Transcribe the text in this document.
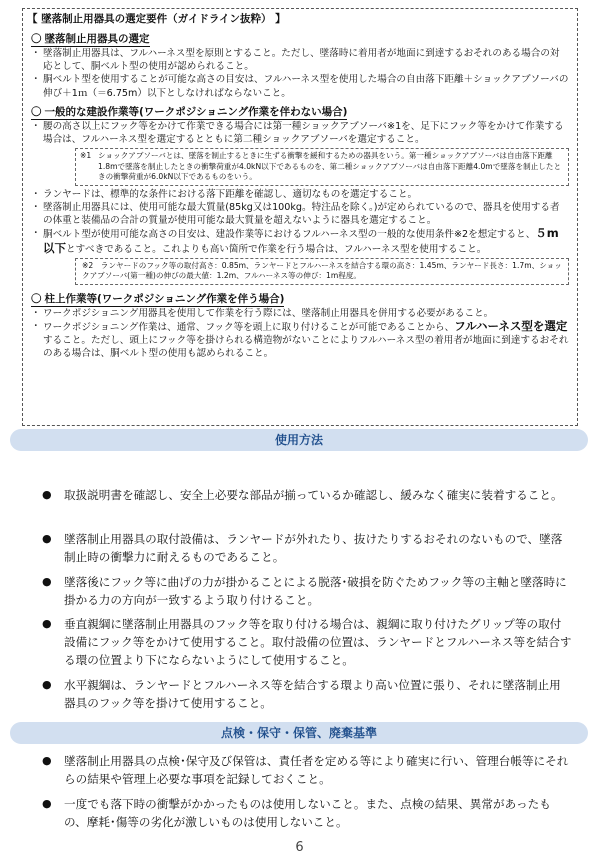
【 墜落制止用器具の選定要件（ガイドライン抜粋） 】
〇 墜落制止用器具の選定
・ 墜落制止用器具は、フルハーネス型を原則とすること。ただし、墜落時に着用者が地面に到達するおそれのある場合の対応として、胴ベルト型の使用が認められること。
・ 胴ベルト型を使用することが可能な高さの目安は、フルハーネス型を使用した場合の自由落下距離＋ショックアブソーバの伸び＋1ｍ（＝6.75m）以下としなければならないこと。
〇 一般的な建設作業等(ワークポジショニング作業を伴わない場合)
・ 腰の高さ以上にフック等をかけて作業できる場合には第一種ショックアブソーバ※1を、足下にフック等をかけて作業する場合は、フルハーネス型を選定するとともに第二種ショックアブソーバを選定すること。
※1 ショックアブソーバとは、墜落を制止するときに生ずる衝撃を緩和するための器具をいう。第一種ショックアブソーバは自由落下距離1.8mで墜落を制止したときの衝撃荷重が4.0kN以下であるものを、第二種ショックアブソーバは自由落下距離4.0mで墜落を制止したときの衝撃荷重が6.0kN以下であるものをいう。
・ ランヤードは、標準的な条件における落下距離を確認し、適切なものを選定すること。
・ 墜落制止用器具には、使用可能な最大質量(85kg又は100kg。特注品を除く。)が定められているので、器具を使用する者の体重と装備品の合計の質量が使用可能な最大質量を超えないように器具を選定すること。
・ 胴ベルト型が使用可能な高さの目安は、建設作業等におけるフルハーネス型の一般的な使用条件※2を想定すると、５m以下とすべきであること。これよりも高い箇所で作業を行う場合は、フルハーネス型を使用すること。
※2　ランヤードのフック等の取付高さ：0.85m、ランヤードとフルハーネスを結合する環の高さ：1.45m、ランヤード長さ：1.7m、ショックアブソーバ(第一種)の伸びの最大値：1.2m、フルハーネス等の伸び：1m程度。
〇 柱上作業等(ワークポジショニング作業を伴う場合)
・ ワークポジショニング用器具を使用して作業を行う際には、墜落制止用器具を併用する必要があること。
・ ワークポジショニング作業は、通常、フック等を頭上に取り付けることが可能であることから、フルハーネス型を選定すること。ただし、頭上にフック等を掛けられる構造物がないことによりフルハーネス型の着用者が地面に到達するおそれのある場合は、胴ベルト型の使用も認められること。
使用方法
● 取扱説明書を確認し、安全上必要な部品が揃っているか確認し、緩みなく確実に装着すること。
● 墜落制止用器具の取付設備は、ランヤードが外れたり、抜けたりするおそれのないもので、墜落制止時の衝撃力に耐えるものであること。
● 墜落後にフック等に曲げの力が掛かることによる脱落･破損を防ぐためフック等の主軸と墜落時に掛かる力の方向が一致するよう取り付けること。
● 垂直親綱に墜落制止用器具のフック等を取り付ける場合は、親綱に取り付けたグリップ等の取付設備にフック等をかけて使用すること。取付設備の位置は、ランヤードとフルハーネス等を結合する環の位置より下にならないようにして使用すること。
● 水平親綱は、ランヤードとフルハーネス等を結合する環より高い位置に張り、それに墜落制止用器具のフック等を掛けて使用すること。
点検・保守・保管、廃棄基準
● 墜落制止用器具の点検･保守及び保管は、責任者を定める等により確実に行い、管理台帳等にそれらの結果や管理上必要な事項を記録しておくこと。
● 一度でも落下時の衝撃がかかったものは使用しないこと。また、点検の結果、異常があったもの、摩耗･傷等の劣化が激しいものは使用しないこと。
6
